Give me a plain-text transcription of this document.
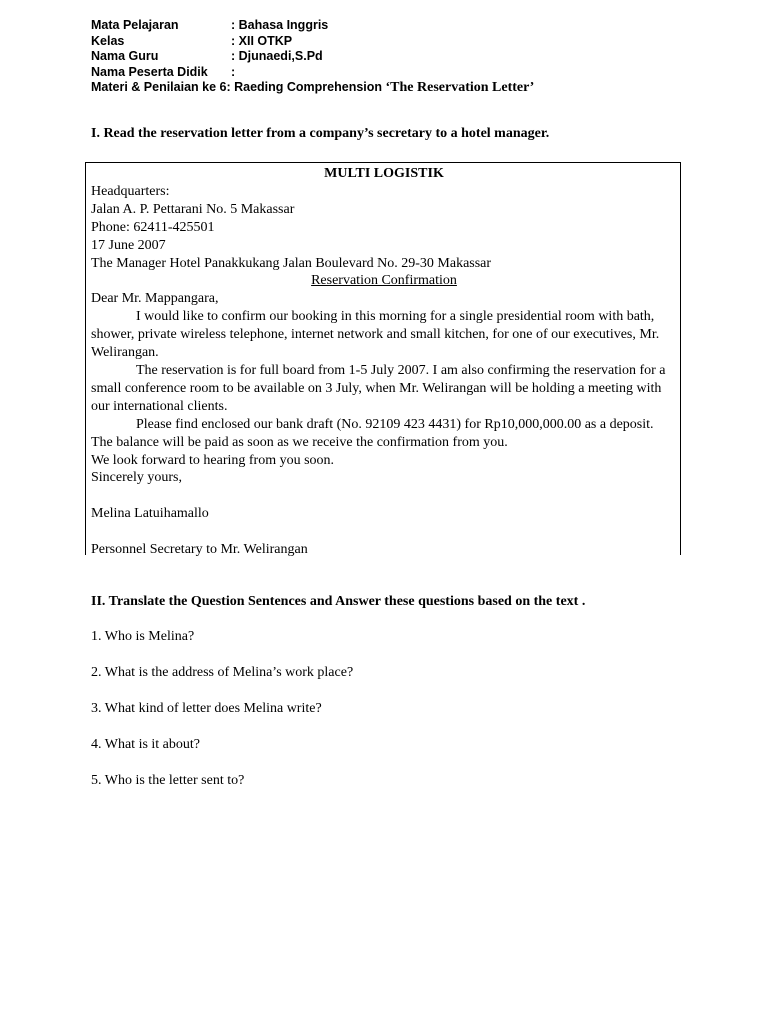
Mata Pelajaran	: Bahasa Inggris
Kelas	: XII OTKP
Nama Guru	: Djunaedi,S.Pd
Nama Peserta Didik	:
Materi & Penilaian ke 6: Raeding Comprehension ‘The Reservation Letter’
I. Read the reservation letter from a company’s secretary to a hotel manager.
MULTI LOGISTIK
Headquarters:
Jalan A. P. Pettarani No. 5 Makassar
Phone: 62411-425501
17 June 2007
The Manager Hotel Panakkukang Jalan Boulevard No. 29-30 Makassar
Reservation Confirmation
Dear Mr. Mappangara,
I would like to confirm our booking in this morning for a single presidential room with bath, shower, private wireless telephone, internet network and small kitchen, for one of our executives, Mr. Welirangan.
The reservation is for full board from 1-5 July 2007. I am also confirming the reservation for a small conference room to be available on 3 July, when Mr. Welirangan will be holding a meeting with our international clients.
Please find enclosed our bank draft (No. 92109 423 4431) for Rp10,000,000.00 as a deposit. The balance will be paid as soon as we receive the confirmation from you.
We look forward to hearing from you soon.
Sincerely yours,
Melina Latuihamallo
Personnel Secretary to Mr. Welirangan
II. Translate the Question Sentences and Answer these questions based on the text .
1. Who is Melina?
2. What is the address of Melina’s work place?
3. What kind of letter does Melina write?
4. What is it about?
5. Who is the letter sent to?
